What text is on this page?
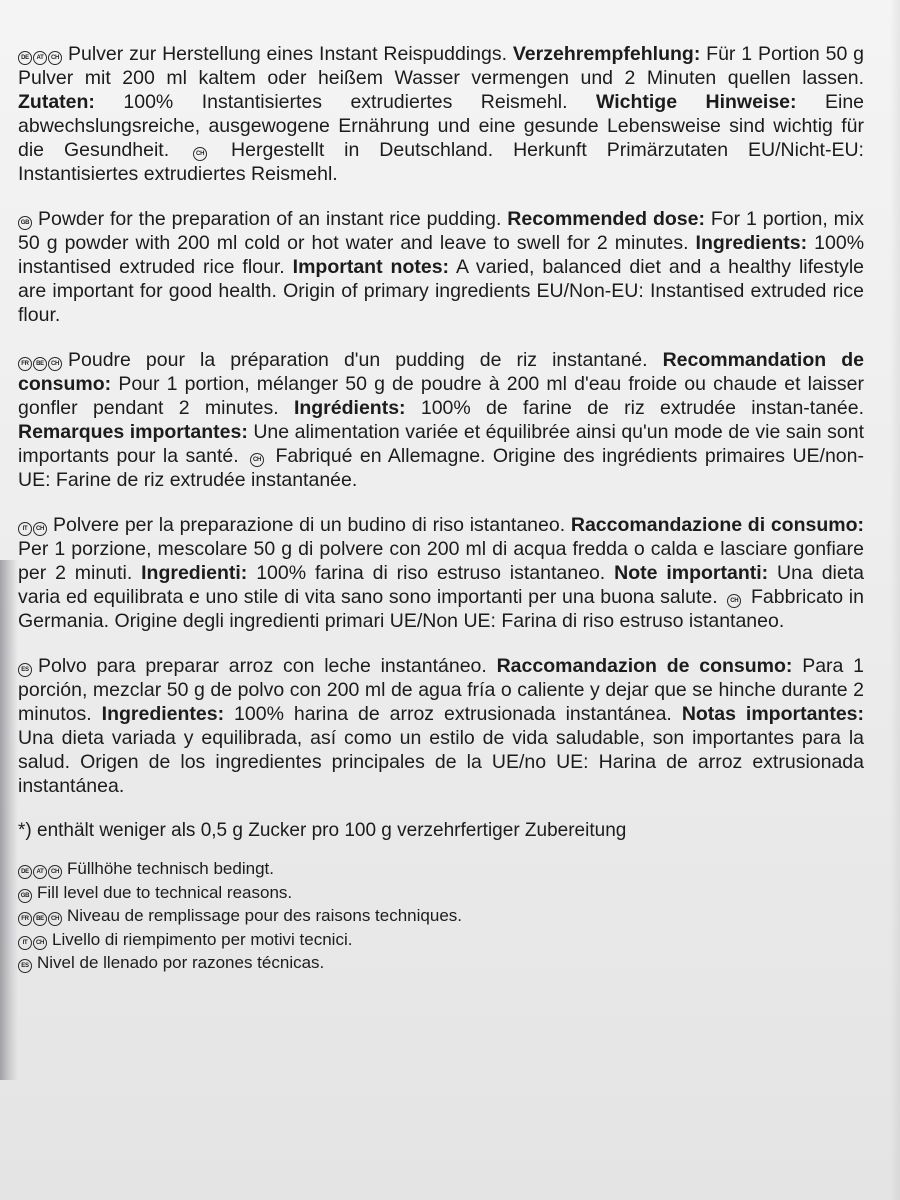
DE	AT	CH Pulver zur Herstellung eines Instant Reispuddings. Verzehrempfehlung: Für 1 Portion 50 g Pulver mit 200 ml kaltem oder heißem Wasser vermengen und 2 Minuten quellen lassen. Zutaten: 100% Instantisiertes extrudiertes Reismehl. Wichtige Hinweise: Eine abwechslungsreiche, ausgewogene Ernährung und eine gesunde Lebensweise sind wichtig für die Gesundheit.	CH Hergestellt in Deutschland. Herkunft Primärzutaten EU/Nicht-EU: Instantisiertes extrudiertes Reismehl.

GB Powder for the preparation of an instant rice pudding. Recommended dose: For 1 portion, mix 50 g powder with 200 ml cold or hot water and leave to swell for 2 minutes. Ingredients: 100% instantised extruded rice flour. Important notes: A varied, balanced diet and a healthy lifestyle are important for good health. Origin of primary ingredients EU/Non-EU: Instantised extruded rice flour.

FR	BE	CH Poudre pour la préparation d'un pudding de riz instantané. Recommandation de consumo: Pour 1 portion, mélanger 50 g de poudre à 200 ml d'eau froide ou chaude et laisser gonfler pendant 2 minutes. Ingrédients: 100% de farine de riz extrudée instan-tanée. Remarques importantes: Une alimentation variée et équilibrée ainsi qu'un mode de vie sain sont importants pour la santé. CH Fabriqué en Allemagne. Origine des ingrédients primaires UE/non-UE: Farine de riz extrudée instantanée.

IT	CH Polvere per la preparazione di un budino di riso istantaneo. Raccomandazione di consumo: Per 1 porzione, mescolare 50 g di polvere con 200 ml di acqua fredda o calda e lasciare gonfiare per 2 minuti. Ingredienti: 100% farina di riso estruso istantaneo. Note importanti: Una dieta varia ed equilibrata e uno stile di vita sano sono importanti per una buona salute. CH Fabbricato in Germania. Origine degli ingredienti primari UE/Non UE: Farina di riso estruso istantaneo.

ES Polvo para preparar arroz con leche instantáneo. Raccomandazion de consumo: Para 1 porción, mezclar 50 g de polvo con 200 ml de agua fría o caliente y dejar que se hinche durante 2 minutos. Ingredientes: 100% harina de arroz extrusionada instantánea. Notas importantes: Una dieta variada y equilibrada, así como un estilo de vida saludable, son importantes para la salud. Origen de los ingredientes principales de la UE/no UE: Harina de arroz extrusionada instantánea.

*) enthält weniger als 0,5 g Zucker pro 100 g verzehrfertiger Zubereitung
DE	AT	CH Füllhöhe technisch bedingt.
GB Fill level due to technical reasons.
FR	BE	CH Niveau de remplissage pour des raisons techniques.
IT	CH Livello di riempimento per motivi tecnici.
ES Nivel de llenado por razones técnicas.
